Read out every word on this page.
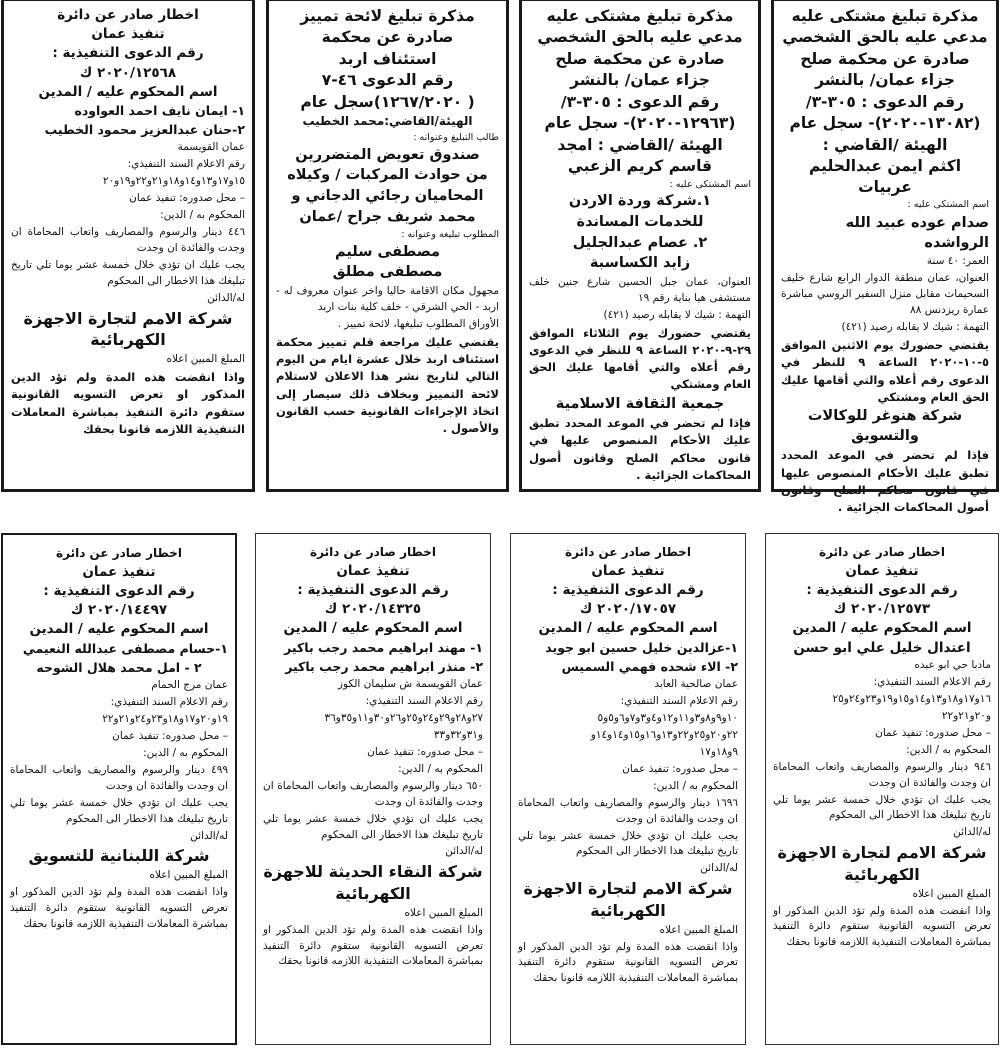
مذكرة تبليغ مشتكى عليه

مدعي عليه بالحق الشخصي

صادرة عن محكمة صلح

جزاء عمان/ بالنشر

رقم الدعوى : ٣٠٥-٣/

(١٣٠٨٢-٢٠٢٠)- سجل عام

الهيئة /القاضي :

اكثم ايمن عبدالحليم عربيات

اسم المشتكى عليه :

صدام عوده عبيد الله الرواشده

العمر: ٤٠ سنة

العنوان، عمان منطقة الدوار الرابع شارع خليف السحيمات مقابل منزل السفير الروسي مباشرة عمارة ريزدنس ٨٨

التهمة : شيك لا يقابله رصيد (٤٢١)

يقتضي حضورك يوم الاثنين الموافق ٥-١٠-٢٠٢٠ الساعة ٩ للنظر في الدعوى رقم أعلاه والتي أقامها عليك الحق العام ومشتكي

شركة هنوغر للوكالات والتسويق

فإذا لم تحضر في الموعد المحدد تطبق عليك الأحكام المنصوص عليها في قانون محاكم الصلح وقانون أصول المحاكمات الجزائية .

مذكرة تبليغ مشتكى عليه

مدعي عليه بالحق الشخصي

صادرة عن محكمة صلح

جزاء عمان/ بالنشر

رقم الدعوى : ٣٠٥-٣/

(١٢٩٦٣-٢٠٢٠)- سجل عام

الهيئة /القاضي : امجد

قاسم كريم الزعبي

اسم المشتكى عليه :

١.شركة وردة الاردن

للخدمات المساندة

٢. عصام عبدالجليل

زايد الكساسبة

العنوان، عمان جبل الحسين شارع جنين خلف مستشفى هيا بناية رقم ١٩

التهمة : شيك لا يقابله رصيد (٤٢١)

يقتضي حضورك يوم الثلاثاء الموافق ٢٩-٩-٢٠٢٠ الساعة ٩ للنظر في الدعوى رقم أعلاه والتي أقامها عليك الحق العام ومشتكي

جمعية الثقافة الاسلامية

فإذا لم تحضر في الموعد المحدد تطبق عليك الأحكام المنصوص عليها في قانون محاكم الصلح وقانون أصول المحاكمات الجزائية .

مذكرة تبليغ لائحة تمييز

صادرة عن محكمة

استئناف اربد

رقم الدعوى ٤٦-٧

( ١٢٦٧/٢٠٢٠)سجل عام

الهيئة/القاضي:محمد الخطيب

طالب التبليغ وعنوانه :

صندوق تعويض المتضررين

من حوادث المركبات / وكيلاه

المحاميان رجائي الدجاني و

محمد شريف جراح /عمان

المطلوب تبليغه وعنوانه :

مصطفى سليم

مصطفى مطلق

مجهول مكان الاقامة حاليا واخر عنوان معروف له - اربد - الحي الشرقي - خلف كلية بنات اربد

الأوراق المطلوب تبليغها، لائحة تمييز .

يقتضي عليك مراجعة قلم تمييز محكمة استئناف اربد خلال عشرة ايام من اليوم التالي لتاريخ نشر هذا الاعلان لاستلام لائحة التمييز وبخلاف ذلك سيصار إلى اتخاذ الإجراءات القانونية حسب القانون والأصول .

اخطار صادر عن دائرة

تنفيذ عمان

رقم الدعوى التنفيذية :

٢٠٢٠/١٢٥٦٨ ك

اسم المحكوم عليه / المدين

١- ايمان نايف احمد العواوده

٢-حنان عبدالعزيز محمود الخطيب

عمان القويسمة

رقم الاعلام السند التنفيذي:

١٥و١٧و١٣و١٤و١٨و٢١و٢٢و١٩و٢٠

– محل صدوره: تنفيذ عمان

المحكوم به / الدين:

٤٤٦ دينار والرسوم والمصاريف واتعاب المحاماة ان وجدت والفائدة ان وجدت

يجب عليك ان تؤدي خلال خمسة عشر يوما تلي تاريخ تبليغك هذا الاخطار الى المحكوم

له/الدائن

شركة الامم لتجارة الاجهزة الكهربائية

المبلغ المبين اعلاه

واذا انقضت هذه المدة ولم تؤد الدين المذكور او تعرض التسويه القانونية ستقوم دائرة التنفيذ بمباشرة المعاملات التنفيذية اللازمه قانونا بحقك

اخطار صادر عن دائرة

تنفيذ عمان

رقم الدعوى التنفيذية :

٢٠٢٠/١٢٥٧٣ ك

اسم المحكوم عليه / المدين

اعتدال خليل علي ابو حسن

مادبا حي ابو عبده

رقم الاعلام السند التنفيذي:

١٦و١٧و١٨و١٣و١٤و١٥و١٩و٢٣و٢٤و٢٥

و٢٠و٢١و٢٢

– محل صدوره: تنفيذ عمان

المحكوم به / الدين:

٩٤٦ دينار والرسوم والمصاريف واتعاب المحاماة ان وجدت والفائدة ان وجدت

يجب عليك ان تؤدي خلال خمسة عشر يوما تلي تاريخ تبليغك هذا الاخطار الى المحكوم

له/الدائن

شركة الامم لتجارة الاجهزة الكهربائية

المبلغ المبين اعلاه

واذا انقضت هذه المدة ولم تؤد الدين المذكور او تعرض التسويه القانونية ستقوم دائرة التنفيذ بمباشرة المعاملات التنفيذية اللازمه قانونا بحقك

اخطار صادر عن دائرة

تنفيذ عمان

رقم الدعوى التنفيذية :

٢٠٢٠/١٧٠٥٧ ك

اسم المحكوم عليه / المدين

١-عزالدين خليل حسين ابو جويد

٢- الاء شحده فهمي السميس

عمان صالحية العابد

رقم الاعلام السند التنفيذي:

١٠و٩و٨و٣و١١و١٢و٤و٣و٧و٦و٥و٥

٢٢و٢٠و٢٥و٢٢و١٣و١٦و١٥و١٤و١٤و

٩و١٨و١٧

– محل صدوره: تنفيذ عمان

المحكوم به / الدين:

١٦٩٦ دينار والرسوم والمصاريف واتعاب المحاماة ان وجدت والفائدة ان وجدت

يجب عليك ان تؤدي خلال خمسة عشر يوما تلي تاريخ تبليغك هذا الاخطار الى المحكوم

له/الدائن

شركة الامم لتجارة الاجهزة الكهربائية

المبلغ المبين اعلاه

واذا انقضت هذه المدة ولم تؤد الدين المذكور او تعرض التسويه القانونية ستقوم دائرة التنفيذ بمباشرة المعاملات التنفيذية اللازمه قانونا بحقك

اخطار صادر عن دائرة

تنفيذ عمان

رقم الدعوى التنفيذية :

٢٠٢٠/١٤٣٢٥ ك

اسم المحكوم عليه / المدين

١- مهند ابراهيم محمد رجب باكير

٢- منذر ابراهيم محمد رجب باكير

عمان القويسمة ش سليمان الكوز

رقم الاعلام السند التنفيذي:

٢٧و٢٨و٢٩و٢٤و٢٥و٢٦و٣٠و١١و٣٥و٣٦

و٣١و٣٢و٣٣

– محل صدوره: تنفيذ عمان

المحكوم به / الدين:

٦٥٠ دينار والرسوم والمصاريف واتعاب المحاماة ان وجدت والفائدة ان وجدت

يجب عليك ان تؤدي خلال خمسة عشر يوما تلي تاريخ تبليغك هذا الاخطار الى المحكوم

له/الدائن

شركة النقاء الحديثة للاجهزة الكهربائية

المبلغ المبين اعلاه

واذا انقضت هذه المدة ولم تؤد الدين المذكور او تعرض التسويه القانونية ستقوم دائرة التنفيذ بمباشرة المعاملات التنفيذية اللازمه قانونا بحقك

اخطار صادر عن دائرة

تنفيذ عمان

رقم الدعوى التنفيذية :

٢٠٢٠/١٤٤٩٧ ك

اسم المحكوم عليه / المدين

١-حسام مصطفى عبدالله النعيمي

٢ - امل محمد هلال الشوحه

عمان مرج الحمام

رقم الاعلام السند التنفيذي:

١٩و٢٠و١٧و١٨و٢٣و٢٤و٢١و٢٢

– محل صدوره: تنفيذ عمان

المحكوم به / الدين:

٤٩٩ دينار والرسوم والمصاريف واتعاب المحاماة ان وجدت والفائدة ان وجدت

يجب عليك ان تؤدي خلال خمسة عشر يوما تلي تاريخ تبليغك هذا الاخطار الى المحكوم

له/الدائن

شركة اللبنانية للتسويق

المبلغ المبين اعلاه

واذا انقضت هذه المدة ولم تؤد الدين المذكور او تعرض التسويه القانونية ستقوم دائرة التنفيذ بمباشرة المعاملات التنفيذية اللازمه قانونا بحقك
